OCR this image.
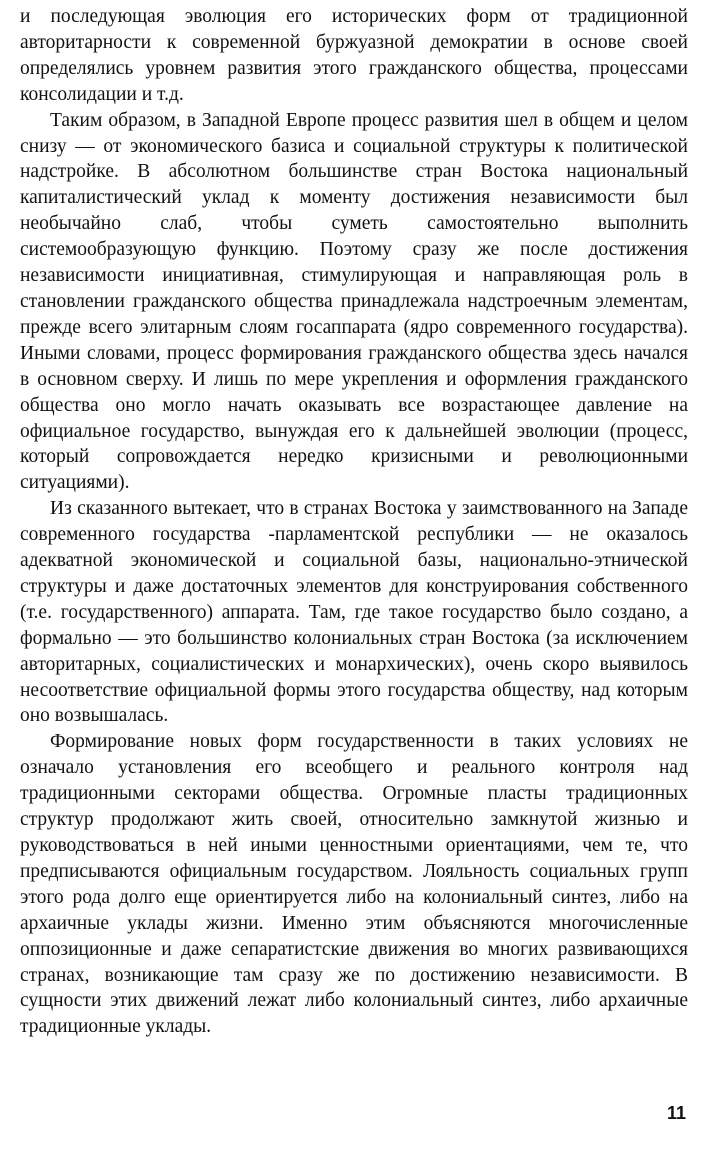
и последующая эволюция его исторических форм от традиционной авторитарности к современной буржуазной демократии в основе своей определялись уровнем развития этого гражданского общества, процессами консолидации и т.д.

Таким образом, в Западной Европе процесс развития шел в общем и целом снизу — от экономического базиса и социальной структуры к политической надстройке. В абсолютном большинстве стран Востока национальный капиталистический уклад к моменту достижения независимости был необычайно слаб, чтобы суметь самостоятельно выполнить системообразующую функцию. Поэтому сразу же после достижения независимости инициативная, стимулирующая и направляющая роль в становлении гражданского общества принадлежала надстроечным элементам, прежде всего элитарным слоям госаппарата (ядро современного государства). Иными словами, процесс формирования гражданского общества здесь начался в основном сверху. И лишь по мере укрепления и оформления гражданского общества оно могло начать оказывать все возрастающее давление на официальное государство, вынуждая его к дальнейшей эволюции (процесс, который сопровождается нередко кризисными и революционными ситуациями).

Из сказанного вытекает, что в странах Востока у заимствованного на Западе современного государства -парламентской республики — не оказалось адекватной экономической и социальной базы, национально-этнической структуры и даже достаточных элементов для конструирования собственного (т.е. государственного) аппарата. Там, где такое государство было создано, а формально — это большинство колониальных стран Востока (за исключением авторитарных, социалистических и монархических), очень скоро выявилось несоответствие официальной формы этого государства обществу, над которым оно возвышалась.

Формирование новых форм государственности в таких условиях не означало установления его всеобщего и реального контроля над традиционными секторами общества. Огромные пласты традиционных структур продолжают жить своей, относительно замкнутой жизнью и руководствоваться в ней иными ценностными ориентациями, чем те, что предписываются официальным государством. Лояльность социальных групп этого рода долго еще ориентируется либо на колониальный синтез, либо на архаичные уклады жизни. Именно этим объясняются многочисленные оппозиционные и даже сепаратистские движения во многих развивающихся странах, возникающие там сразу же по достижению независимости. В сущности этих движений лежат либо колониальный синтез, либо архаичные традиционные уклады.

11
